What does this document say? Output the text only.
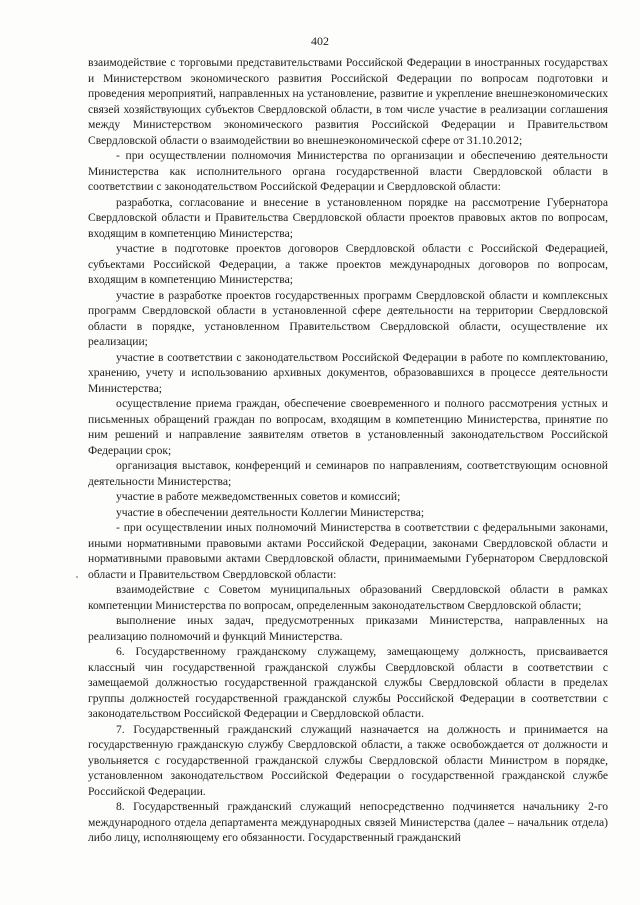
402

взаимодействие с торговыми представительствами Российской Федерации в иностранных государствах и Министерством экономического развития Российской Федерации по вопросам подготовки и проведения мероприятий, направленных на установление, развитие и укрепление внешнеэкономических связей хозяйствующих субъектов Свердловской области, в том числе участие в реализации соглашения между Министерством экономического развития Российской Федерации и Правительством Свердловской области о взаимодействии во внешнеэкономической сфере от 31.10.2012;

- при осуществлении полномочия Министерства по организации и обеспечению деятельности Министерства как исполнительного органа государственной власти Свердловской области в соответствии с законодательством Российской Федерации и Свердловской области:

разработка, согласование и внесение в установленном порядке на рассмотрение Губернатора Свердловской области и Правительства Свердловской области проектов правовых актов по вопросам, входящим в компетенцию Министерства;

участие в подготовке проектов договоров Свердловской области с Российской Федерацией, субъектами Российской Федерации, а также проектов международных договоров по вопросам, входящим в компетенцию Министерства;

участие в разработке проектов государственных программ Свердловской области и комплексных программ Свердловской области в установленной сфере деятельности на территории Свердловской области в порядке, установленном Правительством Свердловской области, осуществление их реализации;

участие в соответствии с законодательством Российской Федерации в работе по комплектованию, хранению, учету и использованию архивных документов, образовавшихся в процессе деятельности Министерства;

осуществление приема граждан, обеспечение своевременного и полного рассмотрения устных и письменных обращений граждан по вопросам, входящим в компетенцию Министерства, принятие по ним решений и направление заявителям ответов в установленный законодательством Российской Федерации срок;

организация выставок, конференций и семинаров по направлениям, соответствующим основной деятельности Министерства;

участие в работе межведомственных советов и комиссий;

участие в обеспечении деятельности Коллегии Министерства;

- при осуществлении иных полномочий Министерства в соответствии с федеральными законами, иными нормативными правовыми актами Российской Федерации, законами Свердловской области и нормативными правовыми актами Свердловской области, принимаемыми Губернатором Свердловской области и Правительством Свердловской области:

взаимодействие с Советом муниципальных образований Свердловской области в рамках компетенции Министерства по вопросам, определенным законодательством Свердловской области;

выполнение иных задач, предусмотренных приказами Министерства, направленных на реализацию полномочий и функций Министерства.

6. Государственному гражданскому служащему, замещающему должность, присваивается классный чин государственной гражданской службы Свердловской области в соответствии с замещаемой должностью государственной гражданской службы Свердловской области в пределах группы должностей государственной гражданской службы Российской Федерации в соответствии с законодательством Российской Федерации и Свердловской области.

7. Государственный гражданский служащий назначается на должность и принимается на государственную гражданскую службу Свердловской области, а также освобождается от должности и увольняется с государственной гражданской службы Свердловской области Министром в порядке, установленном законодательством Российской Федерации о государственной гражданской службе Российской Федерации.

8. Государственный гражданский служащий непосредственно подчиняется начальнику 2-го международного отдела департамента международных связей Министерства (далее – начальник отдела) либо лицу, исполняющему его обязанности. Государственный гражданский
